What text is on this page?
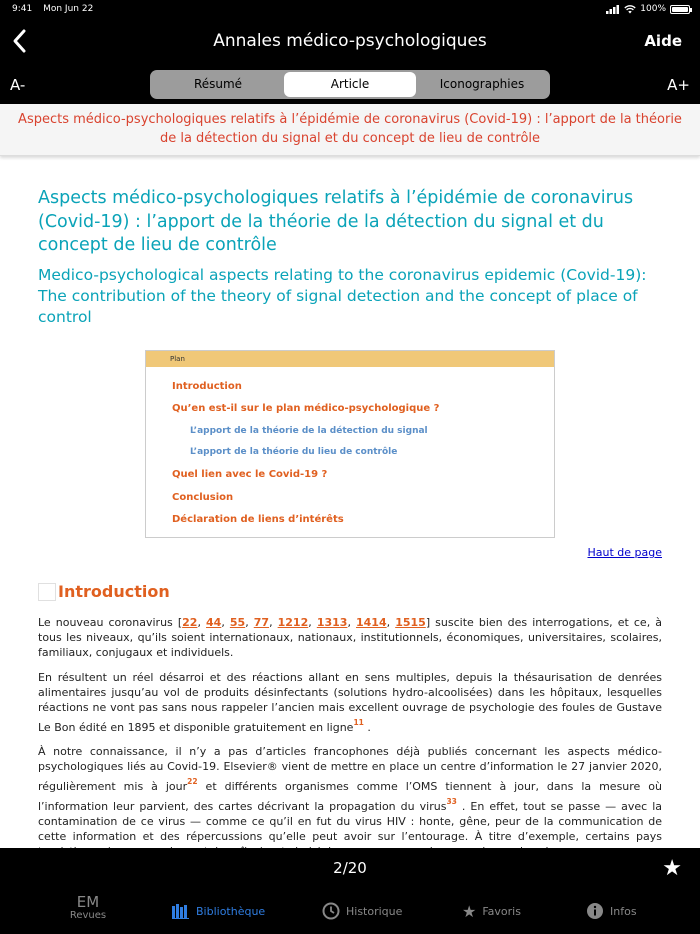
9:41 Mon Jun 22	100%
Annales médico-psychologiques	Aide
A-	Résumé	Article	Iconographies	A+
Aspects médico-psychologiques relatifs à l’épidémie de coronavirus (Covid-19) : l’apport de la théorie de la détection du signal et du concept de lieu de contrôle
Aspects médico-psychologiques relatifs à l’épidémie de coronavirus (Covid-19) : l’apport de la théorie de la détection du signal et du concept de lieu de contrôle
Medico-psychological aspects relating to the coronavirus epidemic (Covid-19): The contribution of the theory of signal detection and the concept of place of control
Plan
Introduction
Qu’en est-il sur le plan médico-psychologique ?
L’apport de la théorie de la détection du signal
L’apport de la théorie du lieu de contrôle
Quel lien avec le Covid-19 ?
Conclusion
Déclaration de liens d’intérêts
Haut de page
Introduction
Le nouveau coronavirus [22, 44, 55, 77, 1212, 1313, 1414, 1515] suscite bien des interrogations, et ce, à tous les niveaux, qu’ils soient internationaux, nationaux, institutionnels, économiques, universitaires, scolaires, familiaux, conjugaux et individuels.
En résultent un réel désarroi et des réactions allant en sens multiples, depuis la thésaurisation de denrées alimentaires jusqu’au vol de produits désinfectants (solutions hydro-alcoolisées) dans les hôpitaux, lesquelles réactions ne vont pas sans nous rappeler l’ancien mais excellent ouvrage de psychologie des foules de Gustave Le Bon édité en 1895 et disponible gratuitement en ligne$^{11}$ .
À notre connaissance, il n’y a pas d’articles francophones déjà publiés concernant les aspects médico-psychologiques liés au Covid-19. Elsevier® vient de mettre en place un centre d’information le 27 janvier 2020, régulièrement mis à jour$^{22}$ et différents organismes comme l’OMS tiennent à jour, dans la mesure où l’information leur parvient, des cartes décrivant la propagation du virus$^{33}$ . En effet, tout se passe — avec la contamination de ce virus — comme ce qu’il en fut du virus HIV : honte, gêne, peur de la communication de cette information et des répercussions qu’elle peut avoir sur l’entourage. À titre d’exemple, certains pays
2/20	★
EM
Revues	Bibliothèque	Historique	★ Favoris	Infos
